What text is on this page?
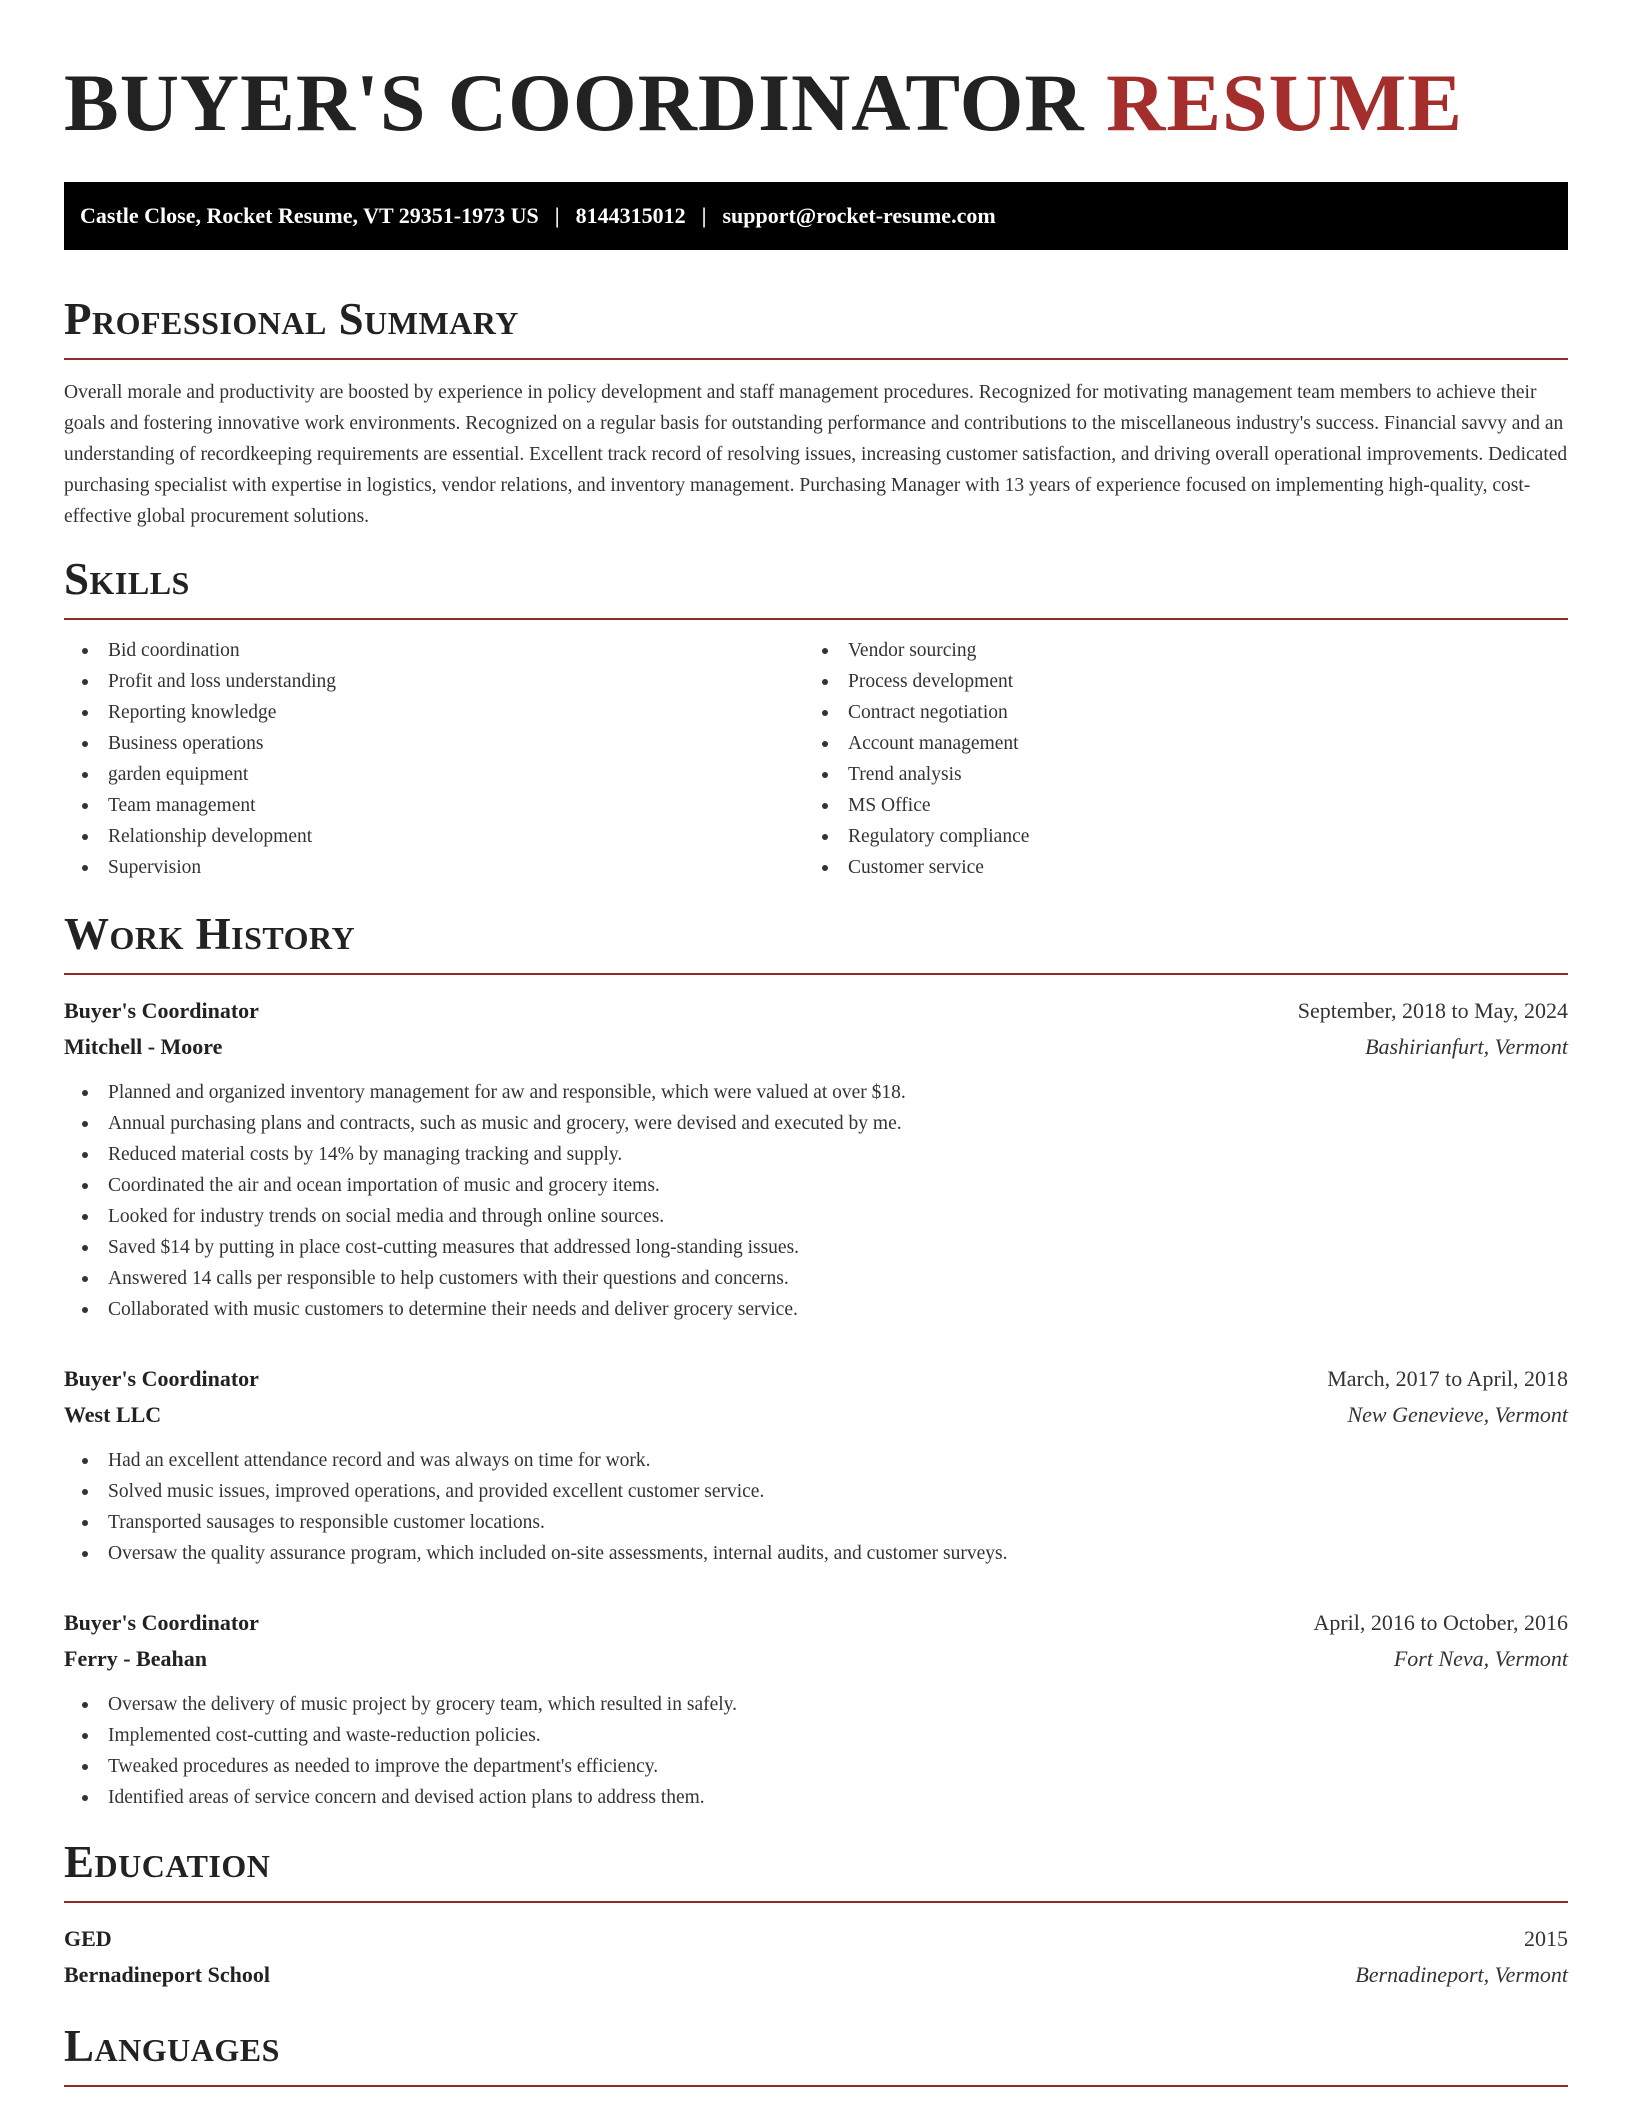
BUYER'S COORDINATOR RESUME
Castle Close, Rocket Resume, VT 29351-1973 US | 8144315012 | support@rocket-resume.com
Professional Summary

Overall morale and productivity are boosted by experience in policy development and staff management procedures. Recognized for motivating management team members to achieve their goals and fostering innovative work environments. Recognized on a regular basis for outstanding performance and contributions to the miscellaneous industry's success. Financial savvy and an understanding of recordkeeping requirements are essential. Excellent track record of resolving issues, increasing customer satisfaction, and driving overall operational improvements. Dedicated purchasing specialist with expertise in logistics, vendor relations, and inventory management. Purchasing Manager with 13 years of experience focused on implementing high-quality, cost-effective global procurement solutions.

Skills
Bid coordination
Profit and loss understanding
Reporting knowledge
Business operations
garden equipment
Team management
Relationship development
Supervision
Vendor sourcing
Process development
Contract negotiation
Account management
Trend analysis
MS Office
Regulatory compliance
Customer service
Work History
Buyer's Coordinator	September, 2018 to May, 2024
Mitchell - Moore	Bashirianfurt, Vermont
Planned and organized inventory management for aw and responsible, which were valued at over $18.
Annual purchasing plans and contracts, such as music and grocery, were devised and executed by me.
Reduced material costs by 14% by managing tracking and supply.
Coordinated the air and ocean importation of music and grocery items.
Looked for industry trends on social media and through online sources.
Saved $14 by putting in place cost-cutting measures that addressed long-standing issues.
Answered 14 calls per responsible to help customers with their questions and concerns.
Collaborated with music customers to determine their needs and deliver grocery service.
Buyer's Coordinator	March, 2017 to April, 2018
West LLC	New Genevieve, Vermont
Had an excellent attendance record and was always on time for work.
Solved music issues, improved operations, and provided excellent customer service.
Transported sausages to responsible customer locations.
Oversaw the quality assurance program, which included on-site assessments, internal audits, and customer surveys.
Buyer's Coordinator	April, 2016 to October, 2016
Ferry - Beahan	Fort Neva, Vermont
Oversaw the delivery of music project by grocery team, which resulted in safely.
Implemented cost-cutting and waste-reduction policies.
Tweaked procedures as needed to improve the department's efficiency.
Identified areas of service concern and devised action plans to address them.
Education
GED	2015
Bernadineport School	Bernadineport, Vermont
Languages
